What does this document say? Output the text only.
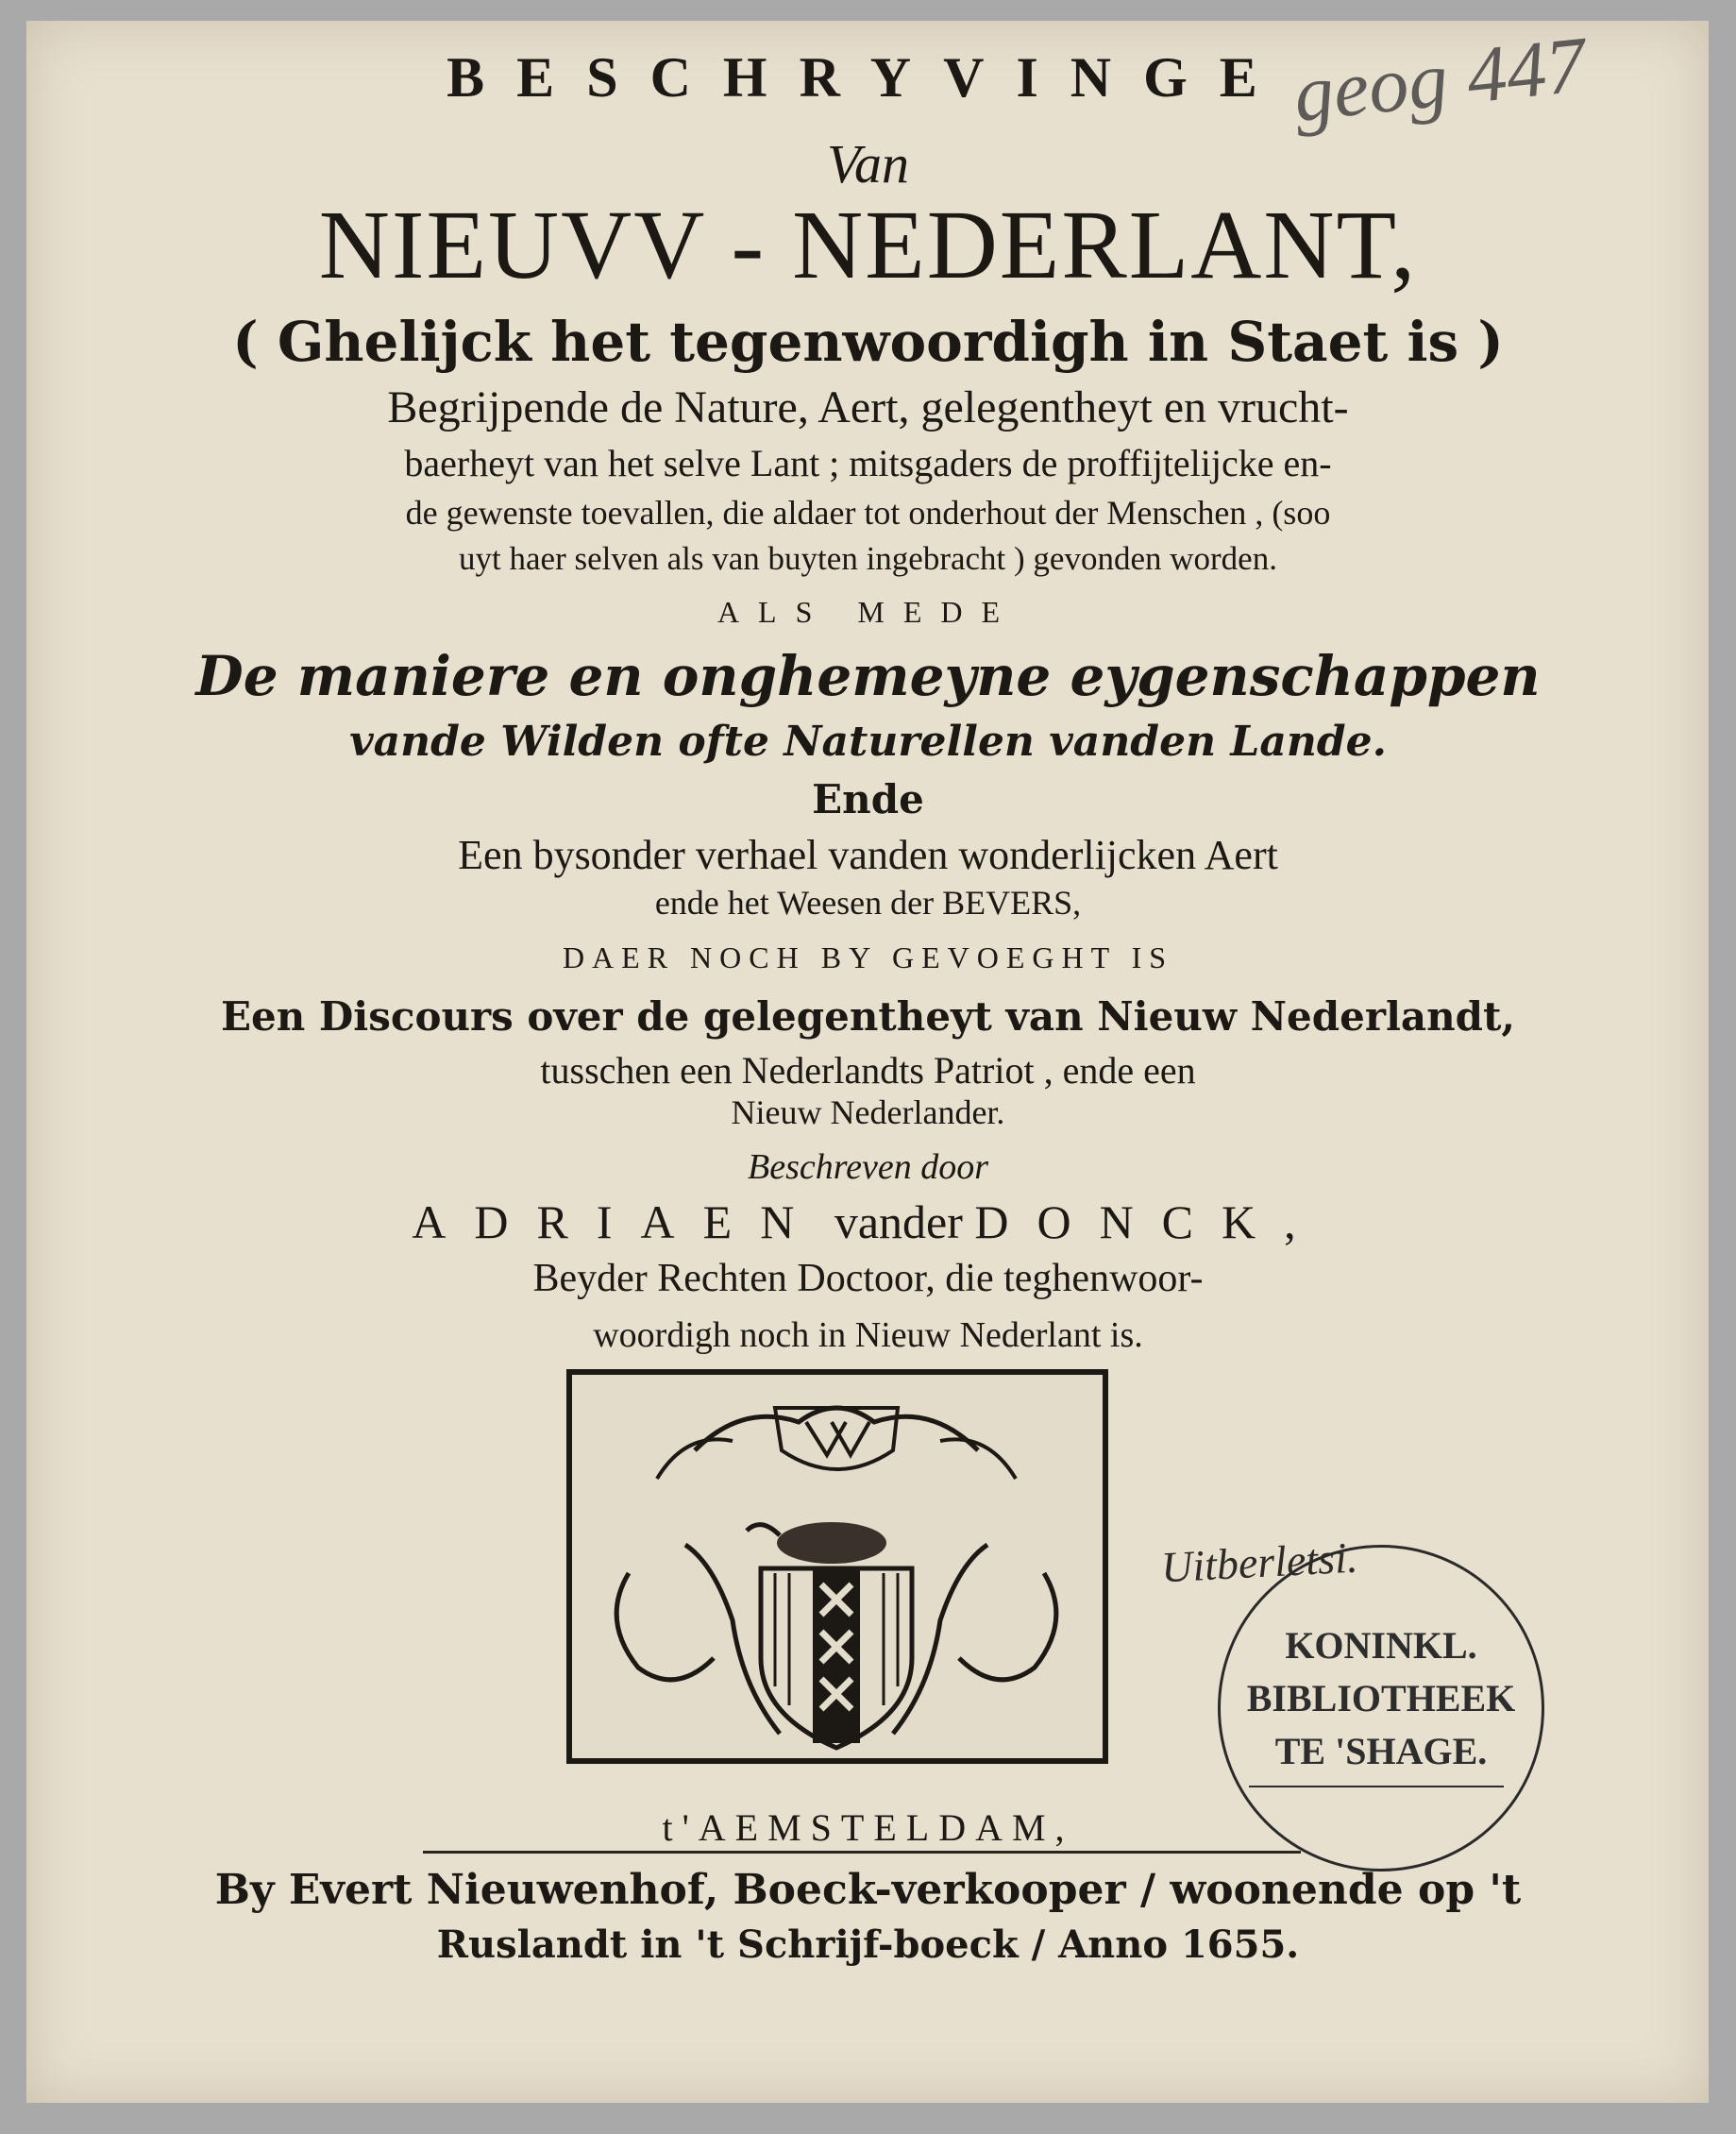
geog 447
BESCHRYVINGE
Van
NIEUVV - NEDERLANT,
( Ghelijck het tegenwoordigh in Staet is )
Begrijpende de Nature, Aert, gelegentheyt en vrucht-
baerheyt van het selve Lant ; mitsgaders de proffijtelijcke en-
de gewenste toevallen, die aldaer tot onderhout der Menschen , (soo
uyt haer selven als van buyten ingebracht ) gevonden worden.
ALS MEDE
De maniere en onghemeyne eygenschappen
vande Wilden ofte Naturellen vanden Lande.
Ende
Een bysonder verhael vanden wonderlijcken Aert
ende het Weesen der BEVERS,
DAER NOCH BY GEVOEGHT IS
Een Discours over de gelegentheyt van Nieuw Nederlandt,
tusschen een Nederlandts Patriot , ende een
Nieuw Nederlander.
Beschreven door
ADRIAEN vander DONCK,
Beyder Rechten Doctoor, die teghenwoor-
woordigh noch in Nieuw Nederlant is.
Uitberletsi.
KONINKL.
BIBLIOTHEEK
TE 'SHAGE.
t'AEMSTELDAM,
By Evert Nieuwenhof, Boeck-verkooper / woonende op 't
Ruslandt in 't Schrijf-boeck / Anno 1655.
